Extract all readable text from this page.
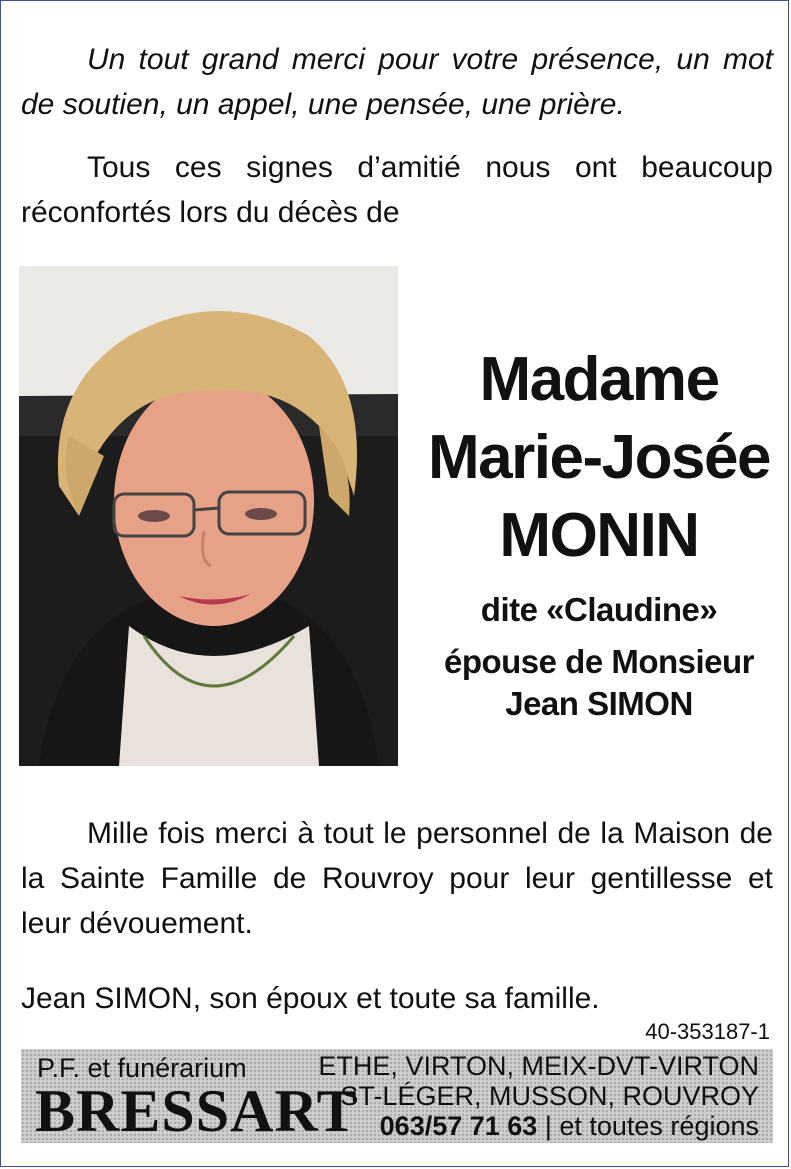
Un tout grand merci pour votre présence, un mot de soutien, un appel, une pensée, une prière.

Tous ces signes d’amitié nous ont beaucoup réconfortés lors du décès de

Madame
Marie-Josée
MONIN
dite «Claudine»
épouse de Monsieur
Jean SIMON

Mille fois merci à tout le personnel de la Maison de la Sainte Famille de Rouvroy pour leur gentillesse et leur dévouement.

Jean SIMON, son époux et toute sa famille.

40-353187-1
P.F. et funérarium
BRESSART
ETHE, VIRTON, MEIX-DVT-VIRTON
ST-LÉGER, MUSSON, ROUVROY
063/57 71 63 | et toutes régions
